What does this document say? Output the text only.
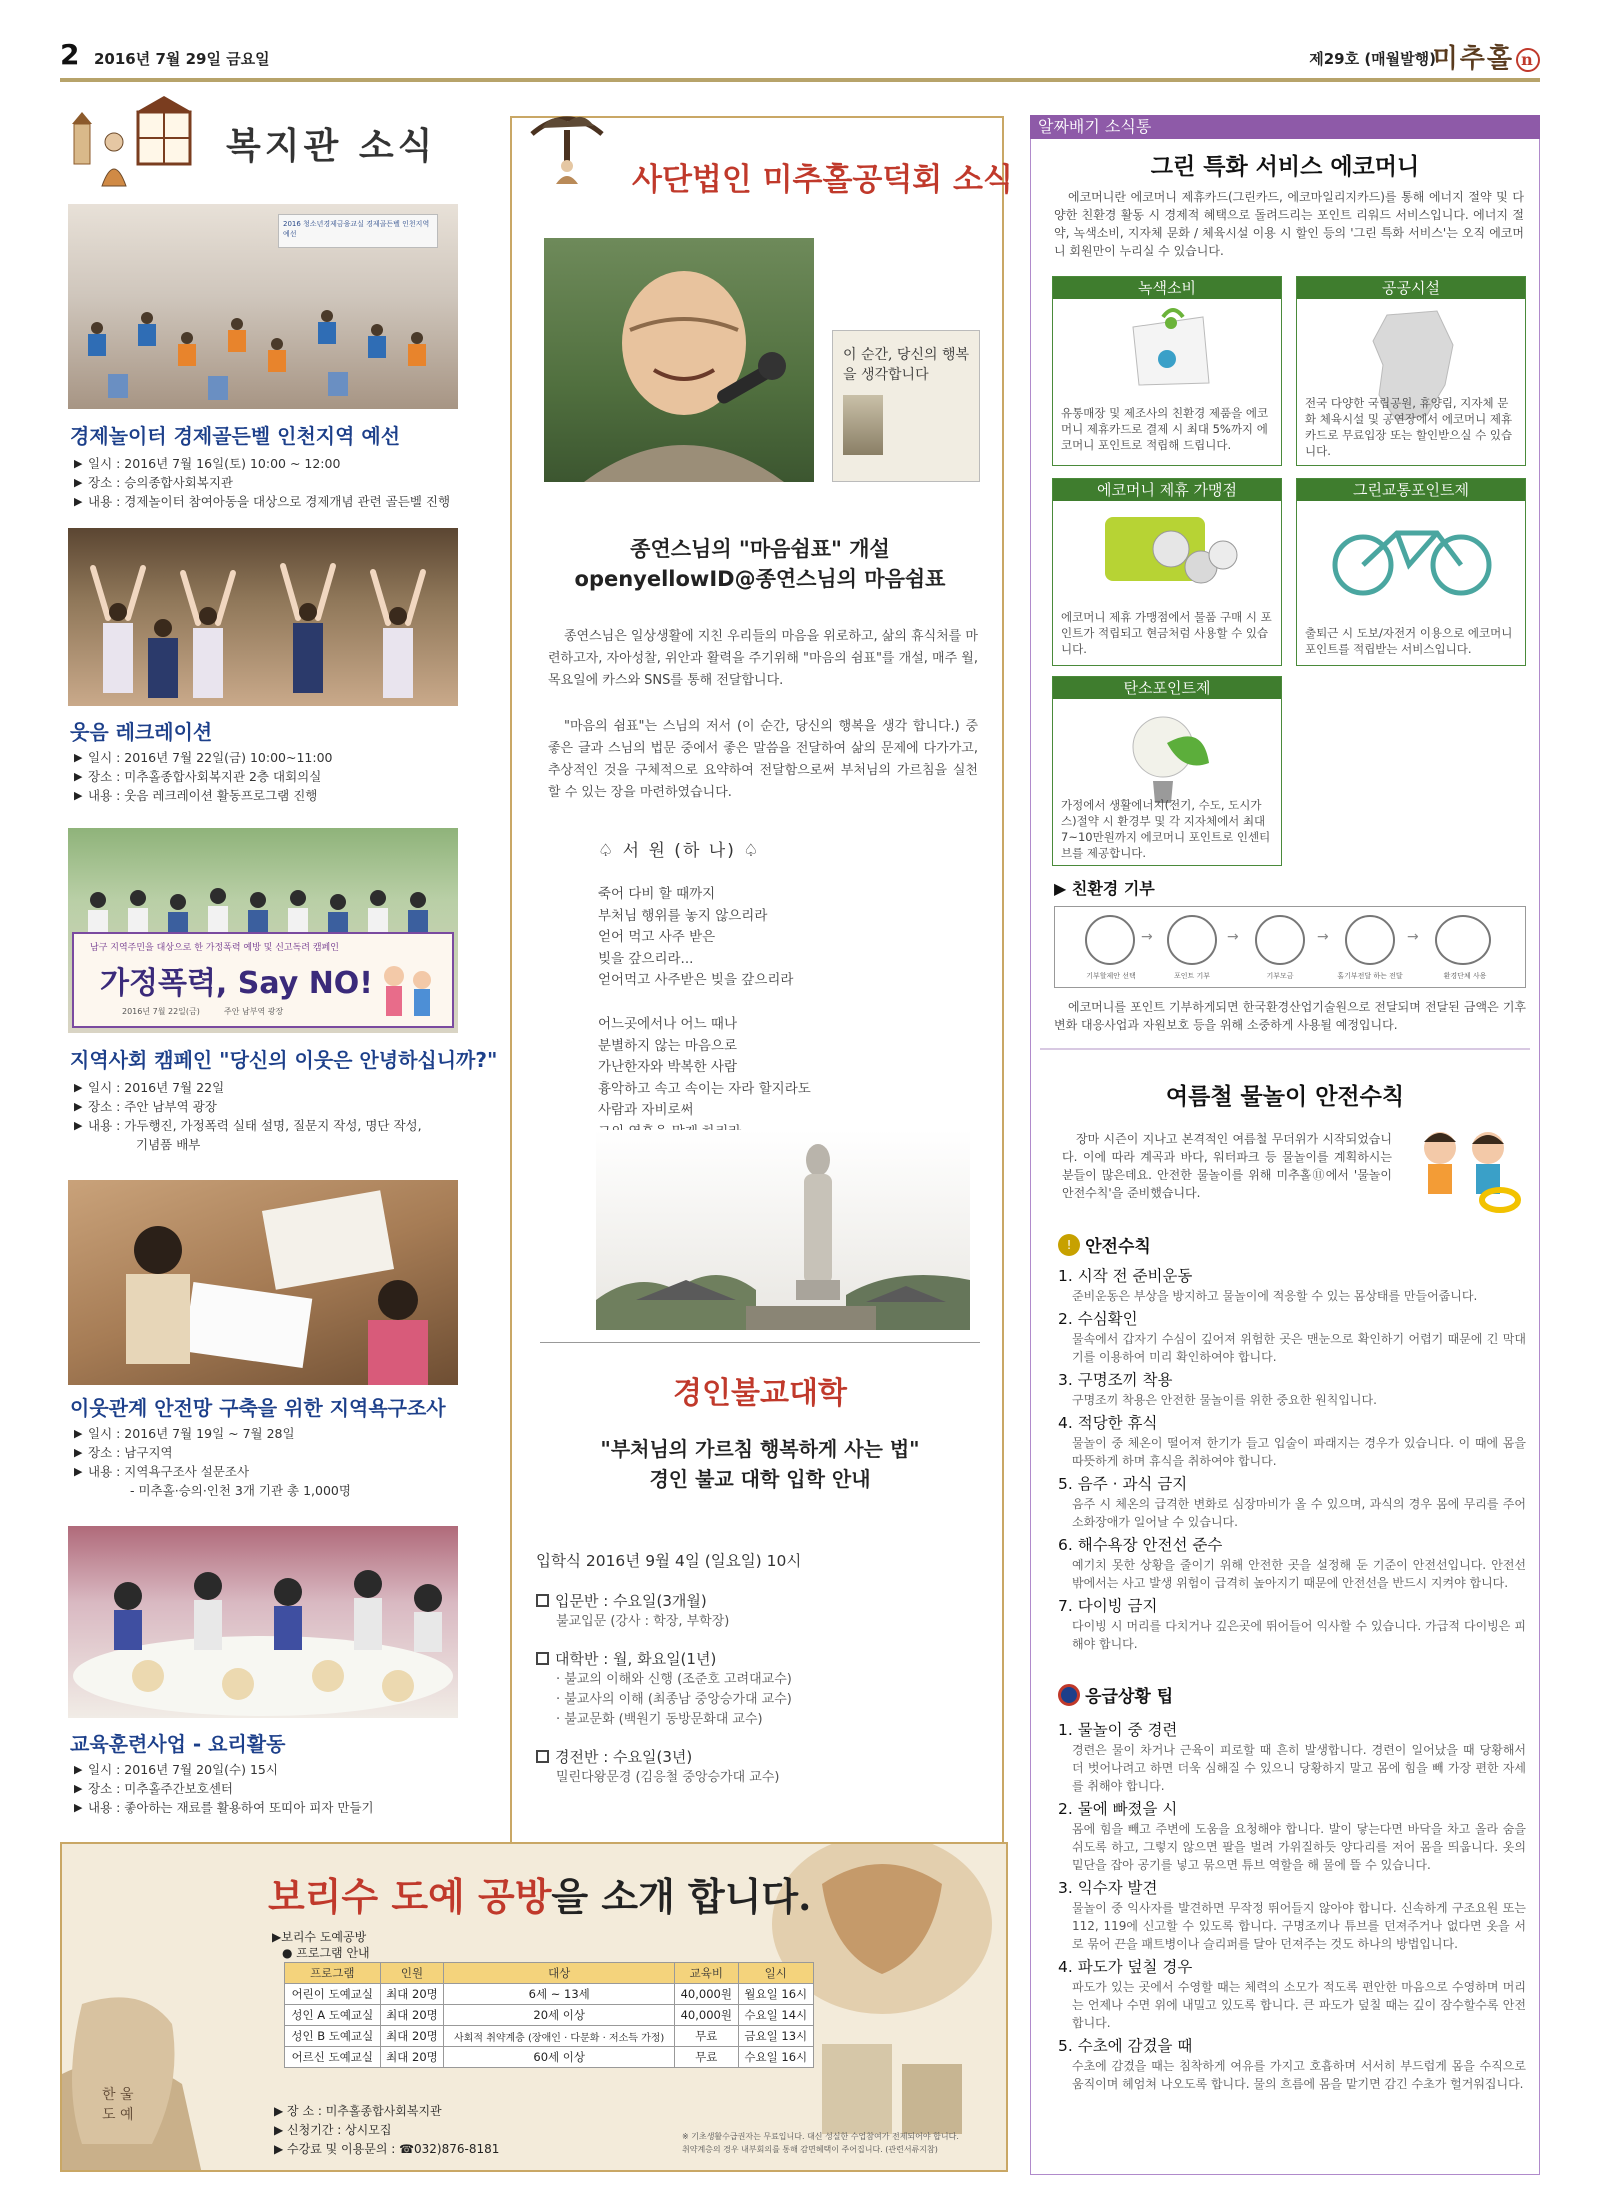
2 2016년 7월 29일 금요일	제29호 (매월발행)
미추홀 n
복지관 소식
2016 청소년경제금융교실 경제골든벨 인천지역예선
경제놀이터 경제골든벨 인천지역 예선
▶ 일시 : 2016년 7월 16일(토) 10:00 ~ 12:00
▶ 장소 : 승의종합사회복지관
▶ 내용 : 경제놀이터 참여아동을 대상으로 경제개념 관련 골든벨 진행
웃음 레크레이션
▶ 일시 : 2016년 7월 22일(금) 10:00~11:00
▶ 장소 : 미추홀종합사회복지관 2층 대회의실
▶ 내용 : 웃음 레크레이션 활동프로그램 진행
남구 지역주민을 대상으로 한 가정폭력 예방 및 신고독려 캠페인
가정폭력, Say NO!
2016년 7월 22일(금)	주안 남부역 광장
지역사회 캠페인 "당신의 이웃은 안녕하십니까?"
▶ 일시 : 2016년 7월 22일
▶ 장소 : 주안 남부역 광장
▶ 내용 : 가두행진, 가정폭력 실태 설명, 질문지 작성, 명단 작성,
기념품 배부
이웃관계 안전망 구축을 위한 지역욕구조사
▶ 일시 : 2016년 7월 19일 ~ 7월 28일
▶ 장소 : 남구지역
▶ 내용 : 지역욕구조사 설문조사
- 미추홀·승의·인천 3개 기관 총 1,000명
교육훈련사업 - 요리활동
▶ 일시 : 2016년 7월 20일(수) 15시
▶ 장소 : 미추홀주간보호센터
▶ 내용 : 좋아하는 재료를 활용하여 또띠아 피자 만들기
사단법인 미추홀공덕회 소식
이 순간, 당신의 행복을 생각합니다
종연스님의 "마음쉼표" 개설
openyellowID@종연스님의 마음쉼표
종연스님은 일상생활에 지친 우리들의 마음을 위로하고, 삶의 휴식처를 마련하고자, 자아성찰, 위안과 활력을 주기위해 "마음의 쉼표"를 개설, 매주 월, 목요일에 카스와 SNS를 통해 전달합니다.
"마음의 쉼표"는 스님의 저서 (이 순간, 당신의 행복을 생각 합니다.) 중 좋은 글과 스님의 법문 중에서 좋은 말씀을 전달하여 삶의 문제에 다가가고, 추상적인 것을 구체적으로 요약하여 전달함으로써 부처님의 가르침을 실천 할 수 있는 장을 마련하였습니다.
♤ 서 원 (하 나) ♤
죽어 다비 할 때까지
부처님 행위를 놓지 않으리라
얻어 먹고 사주 받은
빚을 갚으리라...
얻어먹고 사주받은 빚을 갚으리라
어느곳에서나 어느 때나
분별하지 않는 마음으로
가난한자와 박복한 사람
흉악하고 속고 속이는 자라 할지라도
사람과 자비로써
경인불교대학
"부처님의 가르침 행복하게 사는 법"
경인 불교 대학 입학 안내
입학식 2016년 9월 4일 (일요일) 10시
입문반 : 수요일(3개월)
불교입문 (강사 : 학장, 부학장)
대학반 : 월, 화요일(1년)
· 불교의 이해와 신행 (조준호 고려대교수)
· 불교사의 이해 (최종남 중앙승가대 교수)
· 불교문화 (백원기 동방문화대 교수)
경전반 : 수요일(3년)
밀린다왕문경 (김응철 중앙승가대 교수)
알짜배기 소식통
그린 특화 서비스 에코머니
에코머니란 에코머니 제휴카드(그린카드, 에코마일리지카드)를 통해 에너지 절약 및 다양한 친환경 활동 시 경제적 혜택으로 돌려드리는 포인트 리워드 서비스입니다. 에너지 절약, 녹색소비, 지자체 문화 / 체육시설 이용 시 할인 등의 '그린 특화 서비스'는 오직 에코머니 회원만이 누리실 수 있습니다.
녹색소비
유통매장 및 제조사의 친환경 제품을 에코머니 제휴카드로 결제 시 최대 5%까지 에코머니 포인트로 적립해 드립니다.
공공시설
전국 다양한 국립공원, 휴양림, 지자체 문화 체육시설 및 공연장에서 에코머니 제휴 카드로 무료입장 또는 할인받으실 수 있습니다.
에코머니 제휴 가맹점
에코머니 제휴 가맹점에서 물품 구매 시 포인트가 적립되고 현금처럼 사용할 수 있습니다.
그린교통포인트제
출퇴근 시 도보/자전거 이용으로 에코머니 포인트를 적립받는 서비스입니다.
탄소포인트제
가정에서 생활에너지(전기, 수도, 도시가스)절약 시 환경부 및 각 지자체에서 최대 7~10만원까지 에코머니 포인트로 인센티브를 제공합니다.
▶ 친환경 기부
→	→	→	→
기부할제안 선택	포인트 기부	기부모금	홀기부전달 하는 전달	환경단체 사용
에코머니를 포인트 기부하게되면 한국환경산업기술원으로 전달되며 전달된 금액은 기후변화 대응사업과 자원보호 등을 위해 소중하게 사용될 예정입니다.
여름철 물놀이 안전수칙
장마 시즌이 지나고 본격적인 여름철 무더위가 시작되었습니다. 이에 따라 계곡과 바다, 워터파크 등 물놀이를 계획하시는 분들이 많은데요. 안전한 물놀이를 위해 미추홀⑪에서 '물놀이 안전수칙'을 준비했습니다.
! 안전수칙
1. 시작 전 준비운동
준비운동은 부상을 방지하고 물놀이에 적응할 수 있는 몸상태를 만들어줍니다.
2. 수심확인
물속에서 갑자기 수심이 깊어져 위험한 곳은 맨눈으로 확인하기 어렵기 때문에 긴 막대기를 이용하여 미리 확인하여야 합니다.
3. 구명조끼 착용
구명조끼 착용은 안전한 물놀이를 위한 중요한 원칙입니다.
4. 적당한 휴식
물놀이 중 체온이 떨어져 한기가 들고 입술이 파래지는 경우가 있습니다. 이 때에 몸을 따뜻하게 하며 휴식을 취하여야 합니다.
5. 음주 · 과식 금지
음주 시 체온의 급격한 변화로 심장마비가 올 수 있으며, 과식의 경우 몸에 무리를 주어 소화장애가 일어날 수 있습니다.
6. 해수욕장 안전선 준수
예기치 못한 상황을 줄이기 위해 안전한 곳을 설정해 둔 기준이 안전선입니다. 안전선 밖에서는 사고 발생 위험이 급격히 높아지기 때문에 안전선을 반드시 지켜야 합니다.
7. 다이빙 금지
다이빙 시 머리를 다치거나 깊은곳에 뛰어들어 익사할 수 있습니다. 가급적 다이빙은 피해야 합니다.
응급상황 팁
1. 물놀이 중 경련
경련은 물이 차거나 근육이 피로할 때 흔히 발생합니다. 경련이 일어났을 때 당황해서 더 벗어나려고 하면 더욱 심해질 수 있으니 당황하지 말고 몸에 힘을 빼 가장 편한 자세를 취해야 합니다.
2. 물에 빠졌을 시
몸에 힘을 빼고 주변에 도움을 요청해야 합니다. 발이 닿는다면 바닥을 차고 올라 숨을 쉬도록 하고, 그렇지 않으면 팔을 벌려 가위질하듯 양다리를 저어 몸을 띄웁니다. 옷의 밑단을 잡아 공기를 넣고 묶으면 튜브 역할을 해 물에 뜰 수 있습니다.
3. 익수자 발견
물놀이 중 익사자를 발견하면 무작정 뛰어들지 않아야 합니다. 신속하게 구조요원 또는 112, 119에 신고할 수 있도록 합니다. 구명조끼나 튜브를 던져주거나 없다면 옷을 서로 묶어 끈을 패트병이나 슬리퍼를 달아 던져주는 것도 하나의 방법입니다.
4. 파도가 덮칠 경우
파도가 있는 곳에서 수영할 때는 체력의 소모가 적도록 편안한 마음으로 수영하며 머리는 언제나 수면 위에 내밀고 있도록 합니다. 큰 파도가 덮칠 때는 깊이 잠수할수록 안전합니다.
5. 수초에 감겼을 때
수초에 감겼을 때는 침착하게 여유를 가지고 호흡하며 서서히 부드럽게 몸을 수직으로 움직이며 헤엄쳐 나오도록 합니다. 물의 흐름에 몸을 맡기면 감긴 수초가 헐거워집니다.
한 울 도 예
보리수 도예 공방을 소개 합니다.
▶보리수 도예공방
● 프로그램 안내
프로그램	인원	대상	교육비	일시
어린이 도예교실	최대 20명	6세 ~ 13세	40,000원	월요일 16시
성인 A 도예교실	최대 20명	20세 이상	40,000원	수요일 14시
성인 B 도예교실	최대 20명	사회적 취약계층 (장애인 · 다문화 · 저소득 가정)	무료	금요일 13시
어르신 도예교실	최대 20명	60세 이상	무료	수요일 16시
▶ 장 소 : 미추홀종합사회복지관
▶ 신청기간 : 상시모집
▶ 수강료 및 이용문의 : ☎032)876-8181
※ 기초생활수급권자는 무료입니다. 대신 성실한 수업참여가 전제되어야 합니다.
취약계층의 경우 내부회의를 통해 감면혜택이 주어집니다. (관련서류지참)
